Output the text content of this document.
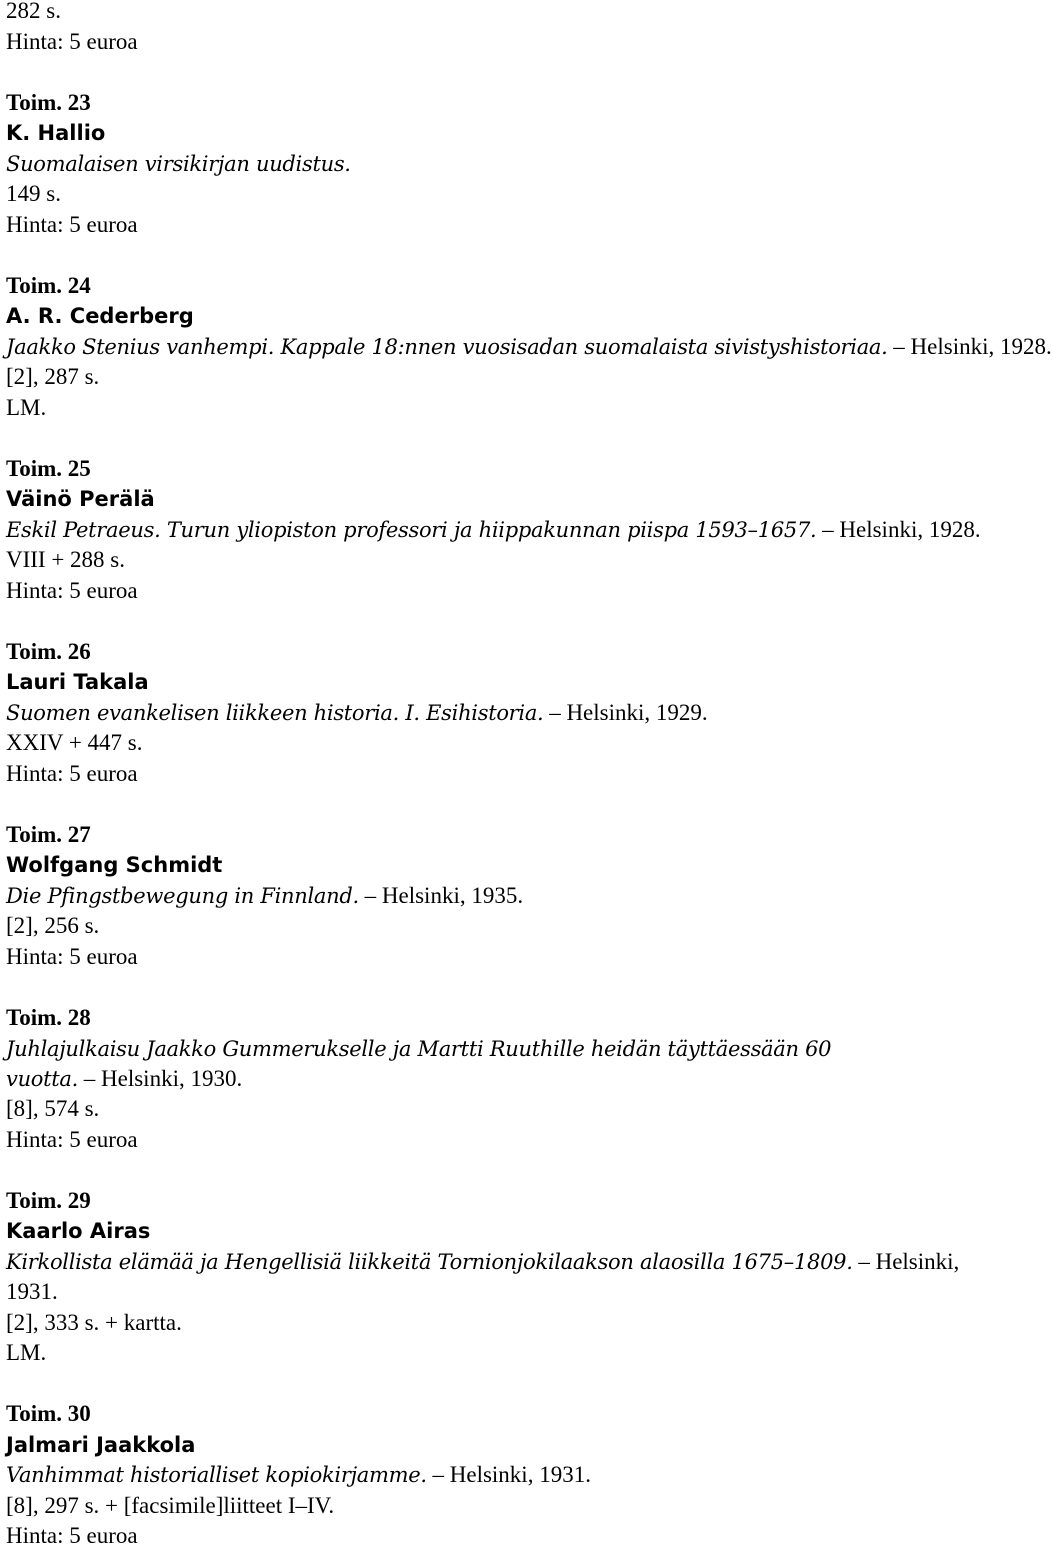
282 s.
Hinta: 5 euroa
Toim. 23
K. Hallio
Suomalaisen virsikirjan uudistus.
149 s.
Hinta: 5 euroa
Toim. 24
A. R. Cederberg
Jaakko Stenius vanhempi. Kappale 18:nnen vuosisadan suomalaista sivistyshistoriaa. – Helsinki, 1928.
[2], 287 s.
LM.
Toim. 25
Väinö Perälä
Eskil Petraeus. Turun yliopiston professori ja hiippakunnan piispa 1593–1657. – Helsinki, 1928.
VIII + 288 s.
Hinta: 5 euroa
Toim. 26
Lauri Takala
Suomen evankelisen liikkeen historia. I. Esihistoria. – Helsinki, 1929.
XXIV + 447 s.
Hinta: 5 euroa
Toim. 27
Wolfgang Schmidt
Die Pfingstbewegung in Finnland. – Helsinki, 1935.
[2], 256 s.
Hinta: 5 euroa
Toim. 28
Juhlajulkaisu Jaakko Gummerukselle ja Martti Ruuthille heidän täyttäessään 60
vuotta. – Helsinki, 1930.
[8], 574 s.
Hinta: 5 euroa
Toim. 29
Kaarlo Airas
Kirkollista elämää ja Hengellisiä liikkeitä Tornionjokilaakson alaosilla 1675–1809. – Helsinki,
1931.
[2], 333 s. + kartta.
LM.
Toim. 30
Jalmari Jaakkola
Vanhimmat historialliset kopiokirjamme. – Helsinki, 1931.
[8], 297 s. + [facsimile]liitteet I–IV.
Hinta: 5 euroa
